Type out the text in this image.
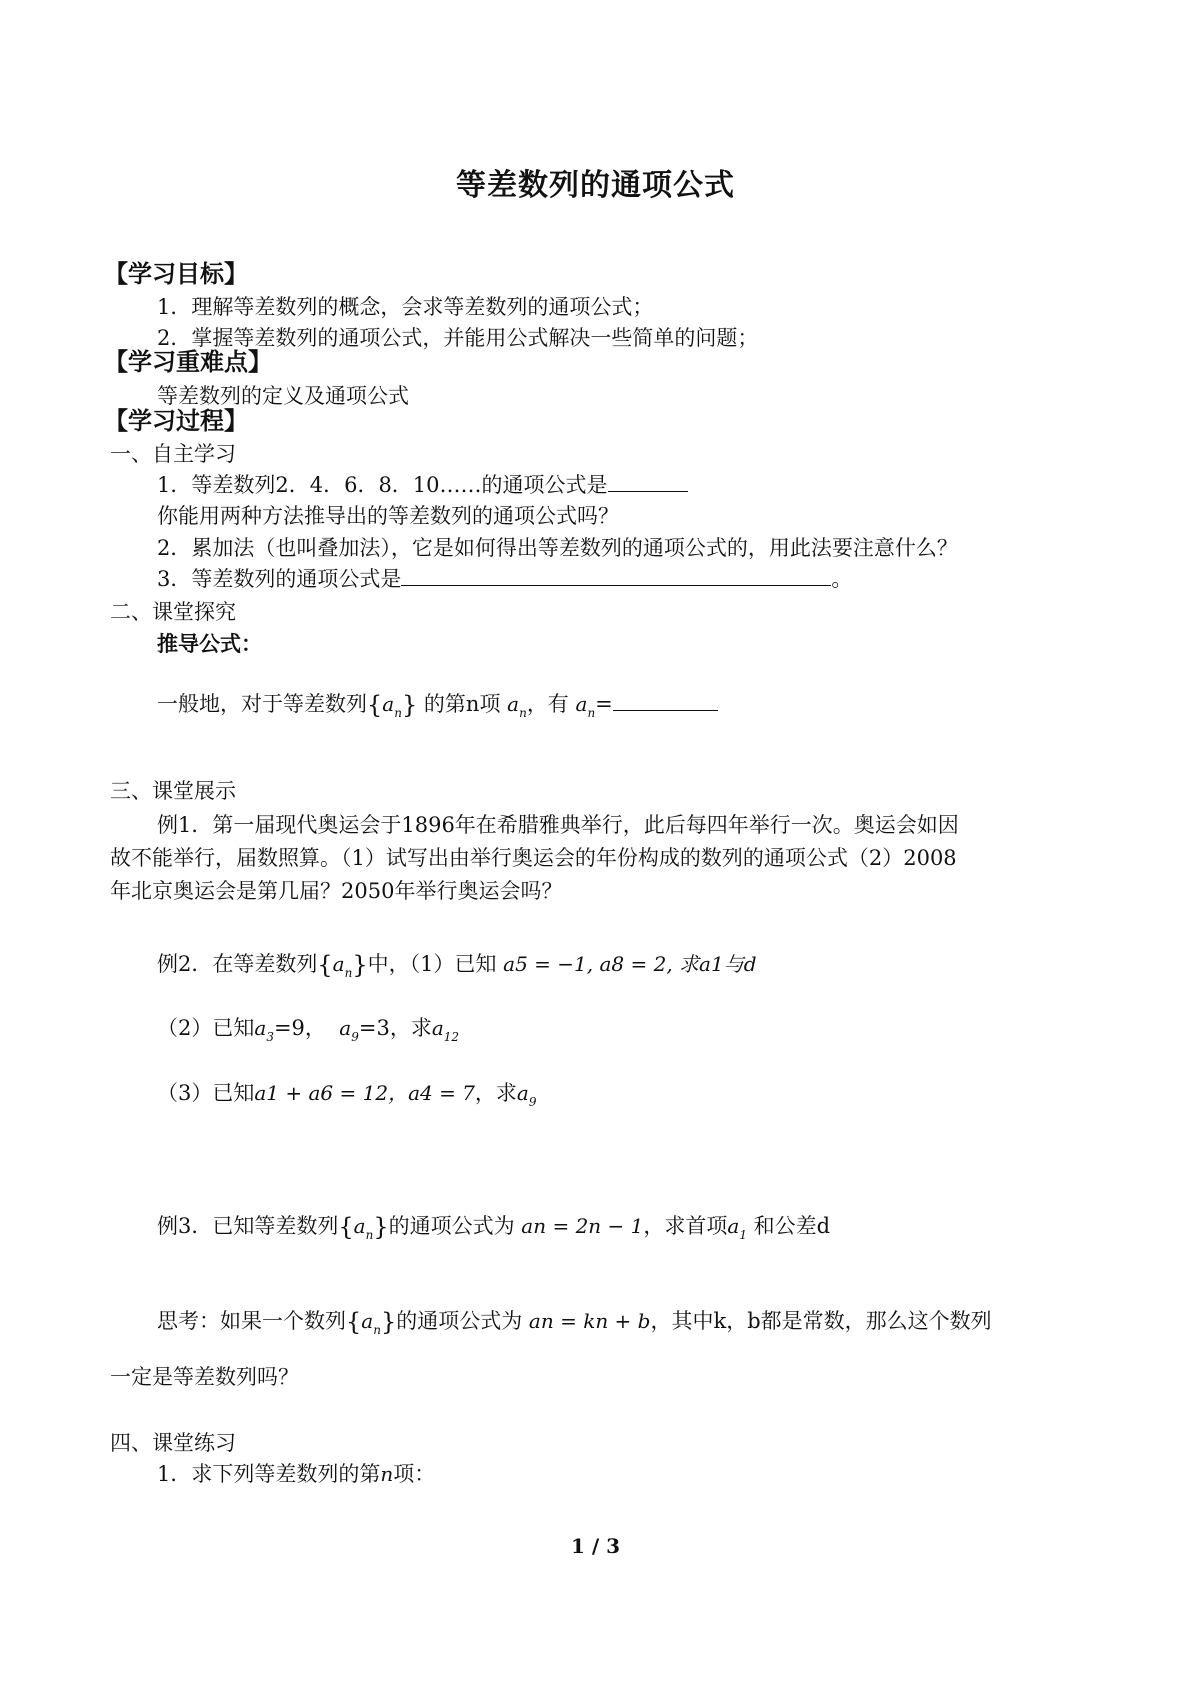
等差数列的通项公式
【学习目标】
1．理解等差数列的概念，会求等差数列的通项公式；
2．掌握等差数列的通项公式，并能用公式解决一些简单的问题；
【学习重难点】
等差数列的定义及通项公式
【学习过程】
一、自主学习
1．等差数列2．4．6．8．10……的通项公式是
你能用两种方法推导出的等差数列的通项公式吗？
2．累加法（也叫叠加法），它是如何得出等差数列的通项公式的，用此法要注意什么？
3．等差数列的通项公式是	。
二、课堂探究
推导公式：
一般地，对于等差数列$\{a_n\}$ 的第n项 $a_n$，有 $a_n=$
三、课堂展示
例1．第一届现代奥运会于1896年在希腊雅典举行，此后每四年举行一次。奥运会如因
故不能举行，届数照算。（1）试写出由举行奥运会的年份构成的数列的通项公式（2）2008
年北京奥运会是第几届？2050年举行奥运会吗？
例2．在等差数列$\{a_n\}$中，（1）已知 a5 = −1, a8 = 2, 求a1与d
（2）已知$a_3=9$， $a_9=3$，求$a_{12}$
（3）已知a1 + a6 = 12，a4 = 7，求$a_9$
例3．已知等差数列$\{a_n\}$的通项公式为 an = 2n − 1，求首项$a_1$ 和公差d
思考：如果一个数列$\{a_n\}$的通项公式为 an = kn + b，其中k，b都是常数，那么这个数列
一定是等差数列吗？
四、课堂练习
1．求下列等差数列的第n项：
1 / 3
